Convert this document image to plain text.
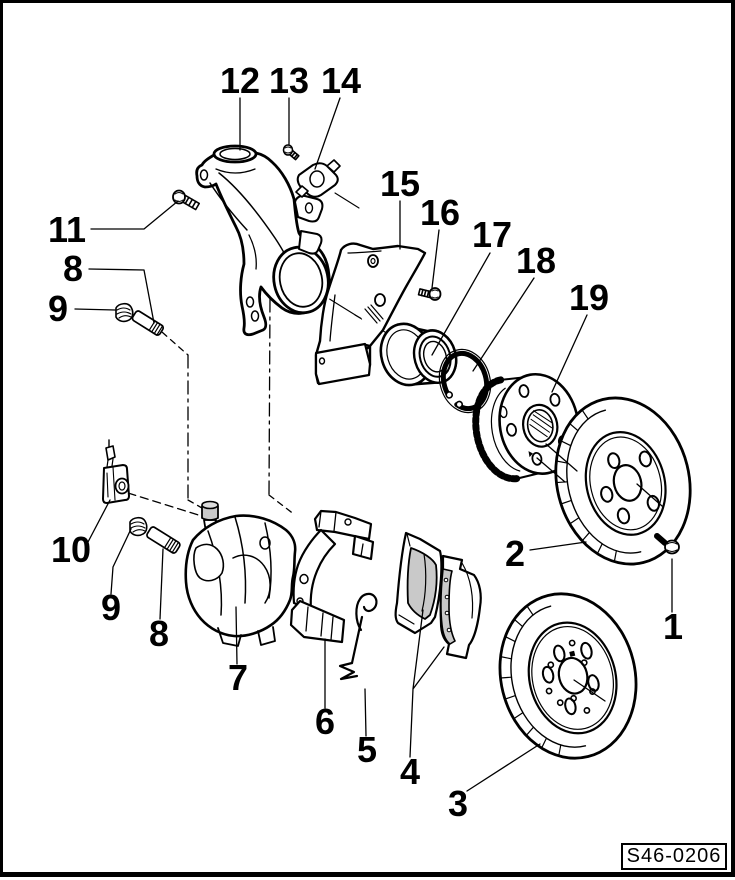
12 13 14
15
16
17
18
19
11
8
9
10
9
8
7
6
5
4
3
2
1
S46-0206
